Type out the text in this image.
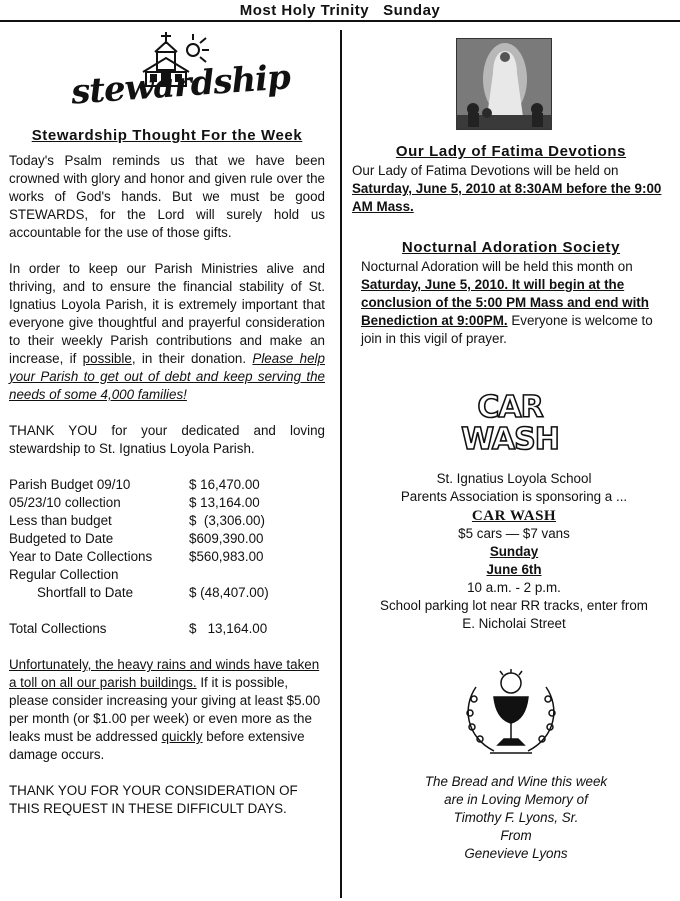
Most Holy Trinity   Sunday
stewardship
Stewardship Thought For the Week

Today's Psalm reminds us that we have been crowned with glory and honor and given rule over the works of God's hands. But we must be good STEWARDS, for the Lord will surely hold us accountable for the use of those gifts.

In order to keep our Parish Ministries alive and thriving, and to ensure the financial stability of St. Ignatius Loyola Parish, it is extremely important that everyone give thoughtful and prayerful consideration to their weekly Parish contributions and make an increase, if possible, in their donation. Please help your Parish to get out of debt and keep serving the needs of some 4,000 families!

THANK YOU for your dedicated and loving stewardship to St. Ignatius Loyola Parish.

Parish Budget 09/10	$ 16,470.00
05/23/10 collection	$ 13,164.00
Less than budget	$  (3,306.00)
Budgeted to Date	$609,390.00
Year to Date Collections	$560,983.00
Regular Collection	
Shortfall to Date	$ (48,407.00)

Total Collections	$   13,164.00

Unfortunately, the heavy rains and winds have taken a toll on all our parish buildings. If it is possible, please consider increasing your giving at least $5.00 per month (or $1.00 per week) or even more as the leaks must be addressed quickly before extensive damage occurs.

THANK YOU FOR YOUR CONSIDERATION OF THIS REQUEST IN THESE DIFFICULT DAYS.

Our Lady of Fatima Devotions

Our Lady of Fatima Devotions will be held on Saturday, June 5, 2010 at 8:30AM before the 9:00 AM Mass.

Nocturnal Adoration Society

Nocturnal Adoration will be held this month on Saturday, June 5, 2010. It will begin at the conclusion of the 5:00 PM Mass and end with Benediction at 9:00PM. Everyone is welcome to join in this vigil of prayer.

CAR WASH
St. Ignatius Loyola School
Parents Association is sponsoring a ...
CAR WASH
$5 cars — $7 vans
Sunday
June 6th
10 a.m. - 2 p.m.
School parking lot near RR tracks, enter from
E. Nicholai Street
The Bread and Wine this week
are in Loving Memory of
Timothy F. Lyons, Sr.
From
Genevieve Lyons
